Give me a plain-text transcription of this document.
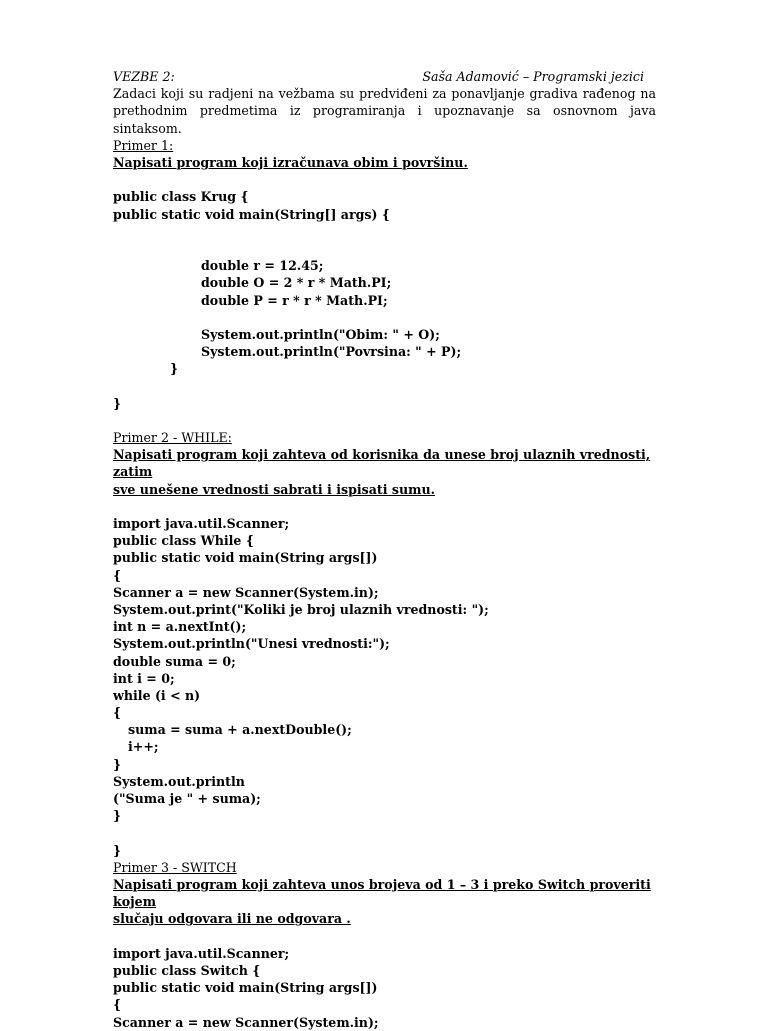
VEZBE 2:	Saša Adamović – Programski jezici
Zadaci koji su radjeni na vežbama su predviđeni za ponavljanje gradiva rađenog na prethodnim predmetima iz programiranja i upoznavanje sa osnovnom java sintaksom.
Primer 1:
Napisati program koji izračunava obim i površinu.
public class Krug {
public static void main(String[] args) {
double r = 12.45;
double O = 2 * r * Math.PI;
double P = r * r * Math.PI;
System.out.println("Obim: " + O);
System.out.println("Povrsina: " + P);
}
}
Primer 2 - WHILE:
Napisati program koji zahteva od korisnika da unese broj ulaznih vrednosti, zatim
sve unešene vrednosti sabrati i ispisati sumu.
import java.util.Scanner;
public class While {
public static void main(String args[])
{
Scanner a = new Scanner(System.in);
System.out.print("Koliki je broj ulaznih vrednosti: ");
int n = a.nextInt();
System.out.println("Unesi vrednosti:");
double suma = 0;
int i = 0;
while (i < n)
{
suma = suma + a.nextDouble();
i++;
}
System.out.println
("Suma je " + suma);
}
}
Primer 3 - SWITCH
Napisati program koji zahteva unos brojeva od 1 – 3 i preko Switch proveriti kojem
slučaju odgovara ili ne odgovara .
import java.util.Scanner;
public class Switch {
public static void main(String args[])
{
Scanner a = new Scanner(System.in);
